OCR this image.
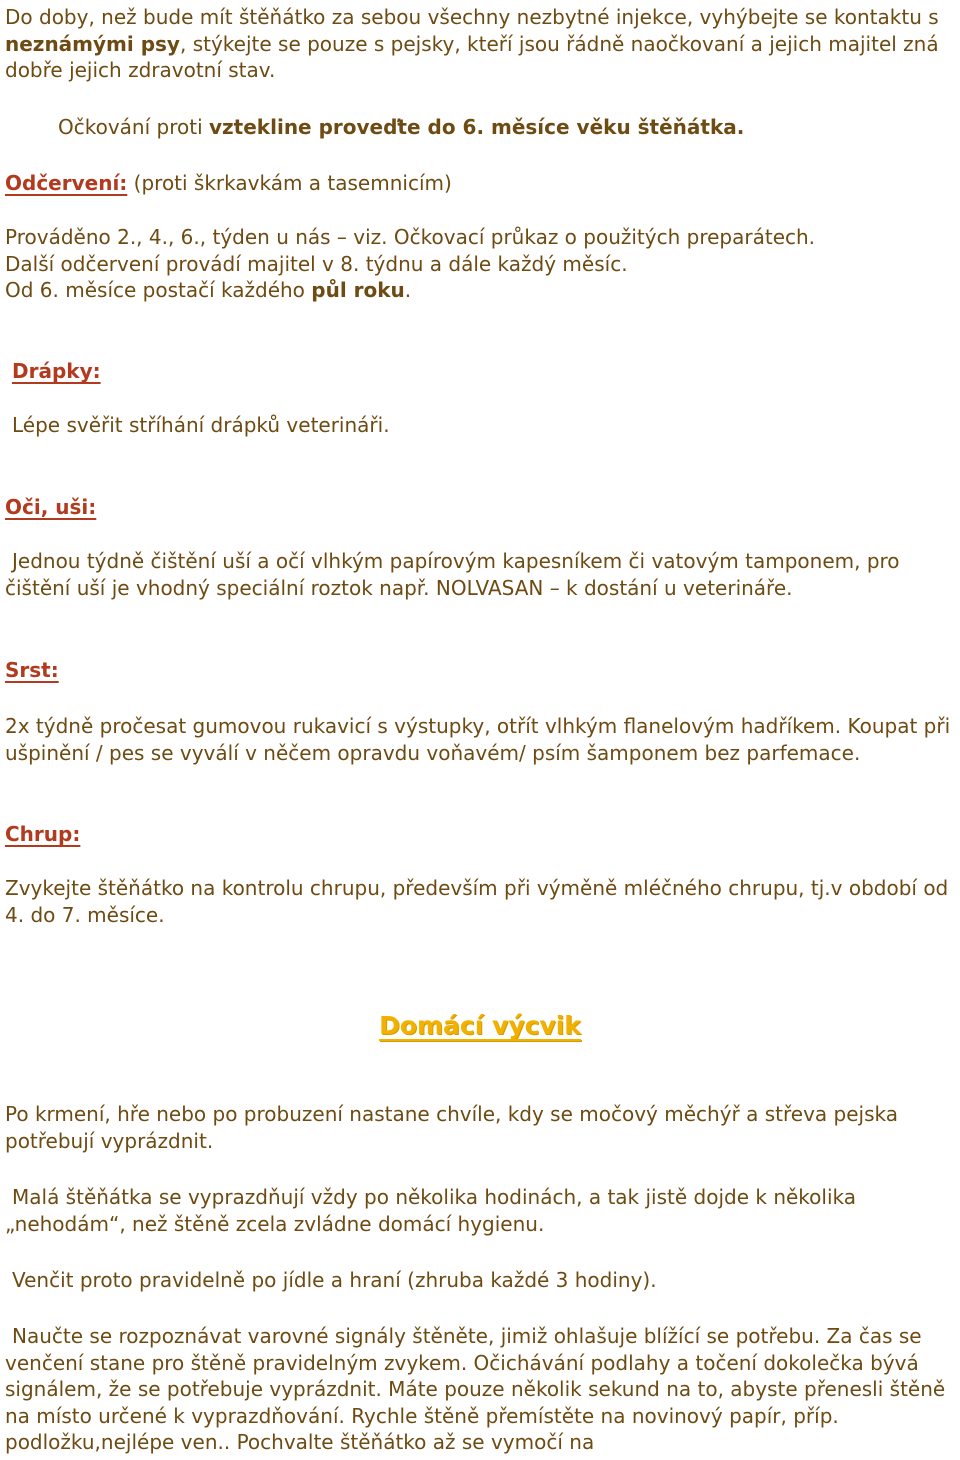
Do doby, než bude mít štěňátko za sebou všechny nezbytné injekce, vyhýbejte se kontaktu s neznámými psy, stýkejte se pouze s pejsky, kteří jsou řádně naočkovaní a jejich majitel zná dobře jejich zdravotní stav.
Očkování proti vztekline proveďte do 6. měsíce věku štěňátka.
Odčervení: (proti škrkavkám a tasemnicím)
Prováděno 2., 4., 6., týden u nás – viz. Očkovací průkaz o použitých preparátech.
Další odčervení provádí majitel v 8. týdnu a dále každý měsíc.
Od 6. měsíce postačí každého půl roku.
Drápky:
Lépe svěřit stříhání drápků veterináři.
Oči, uši:
Jednou týdně čištění uší a očí vlhkým papírovým kapesníkem či vatovým tamponem, pro čištění uší je vhodný speciální roztok např. NOLVASAN – k dostání u veterináře.
Srst:
2x týdně pročesat gumovou rukavicí s výstupky, otřít vlhkým flanelovým hadříkem. Koupat při ušpinění / pes se vyválí v něčem opravdu voňavém/ psím šamponem bez parfemace.
Chrup:
Zvykejte štěňátko na kontrolu chrupu, především při výměně mléčného chrupu, tj.v období od 4. do 7. měsíce.
Domácí výcvik
Po krmení, hře nebo po probuzení nastane chvíle, kdy se močový měchýř a střeva pejska potřebují vyprázdnit.
Malá štěňátka se vyprazdňují vždy po několika hodinách, a tak jistě dojde k několika „nehodám“, než štěně zcela zvládne domácí hygienu.
Venčit proto pravidelně po jídle a hraní (zhruba každé 3 hodiny).
Naučte se rozpoznávat varovné signály štěněte, jimiž ohlašuje blížící se potřebu. Za čas se venčení stane pro štěně pravidelným zvykem. Očichávání podlahy a točení dokolečka bývá signálem, že se potřebuje vyprázdnit. Máte pouze několik sekund na to, abyste přenesli štěně na místo určené k vyprazdňování. Rychle štěně přemístěte na novinový papír, příp. podložku,nejlépe ven.. Pochvalte štěňátko až se vymočí na
